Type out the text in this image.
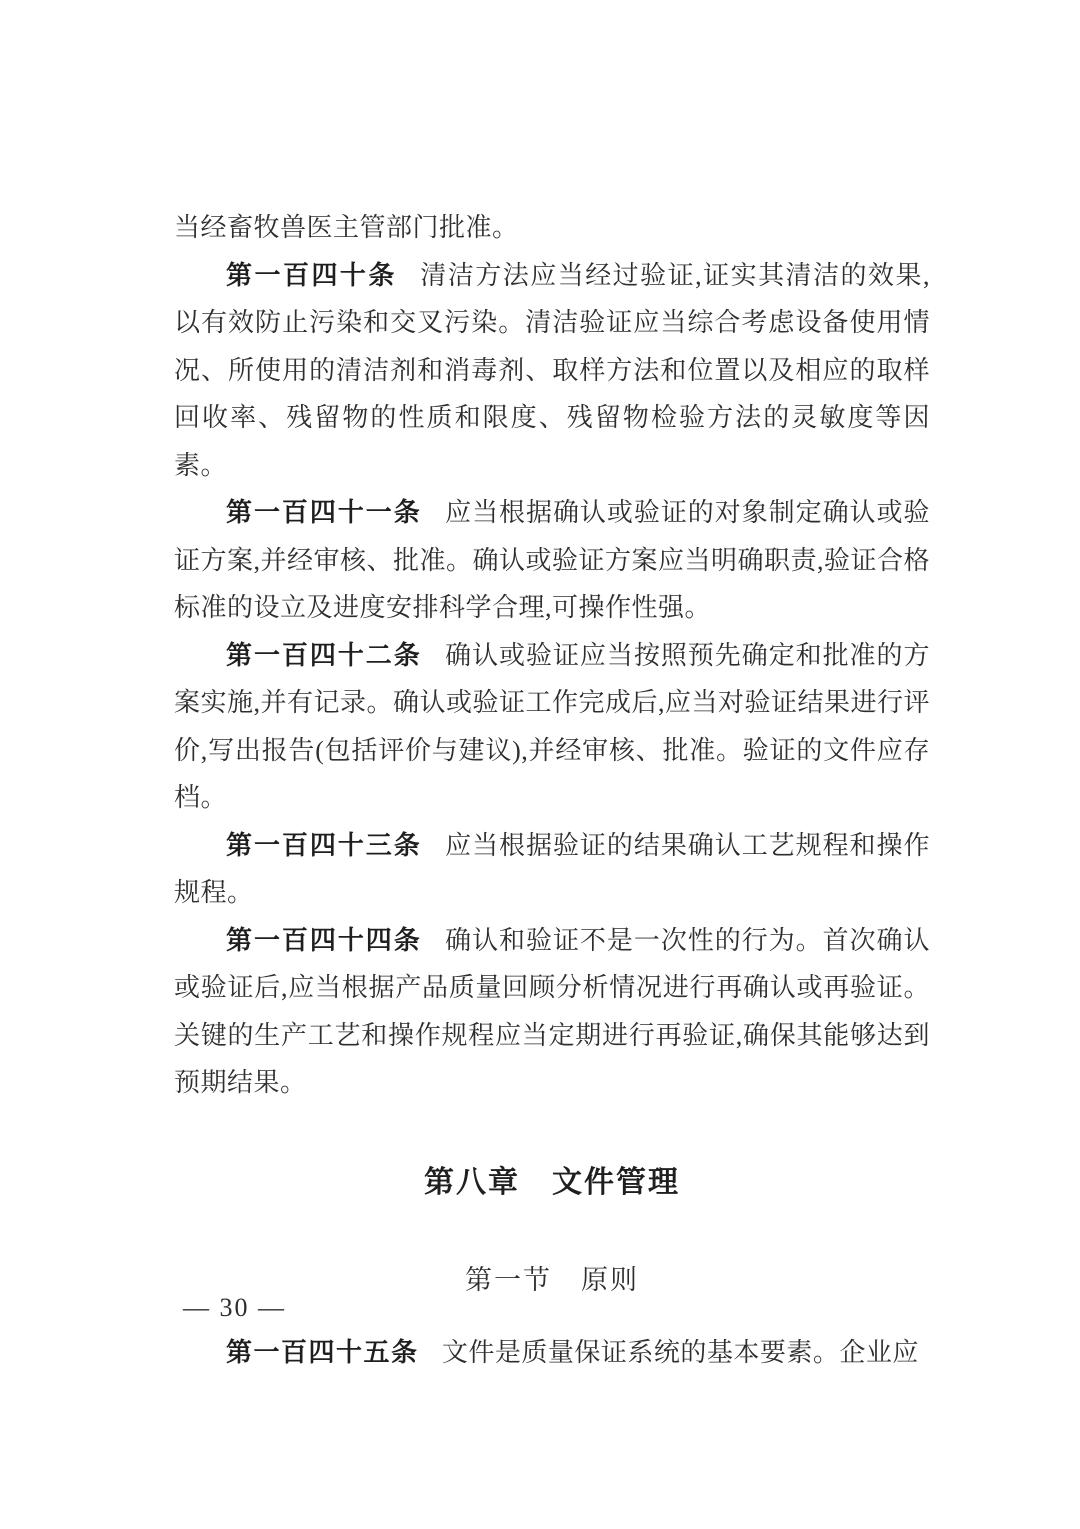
当经畜牧兽医主管部门批准。

第一百四十条 清洁方法应当经过验证,证实其清洁的效果,以有效防止污染和交叉污染。清洁验证应当综合考虑设备使用情况、所使用的清洁剂和消毒剂、取样方法和位置以及相应的取样回收率、残留物的性质和限度、残留物检验方法的灵敏度等因素。

第一百四十一条 应当根据确认或验证的对象制定确认或验证方案,并经审核、批准。确认或验证方案应当明确职责,验证合格标准的设立及进度安排科学合理,可操作性强。

第一百四十二条 确认或验证应当按照预先确定和批准的方案实施,并有记录。确认或验证工作完成后,应当对验证结果进行评价,写出报告(包括评价与建议),并经审核、批准。验证的文件应存档。

第一百四十三条 应当根据验证的结果确认工艺规程和操作规程。

第一百四十四条 确认和验证不是一次性的行为。首次确认或验证后,应当根据产品质量回顾分析情况进行再确认或再验证。关键的生产工艺和操作规程应当定期进行再验证,确保其能够达到预期结果。

第八章　文件管理
第一节　原则

第一百四十五条 文件是质量保证系统的基本要素。企业应

— 30 —
